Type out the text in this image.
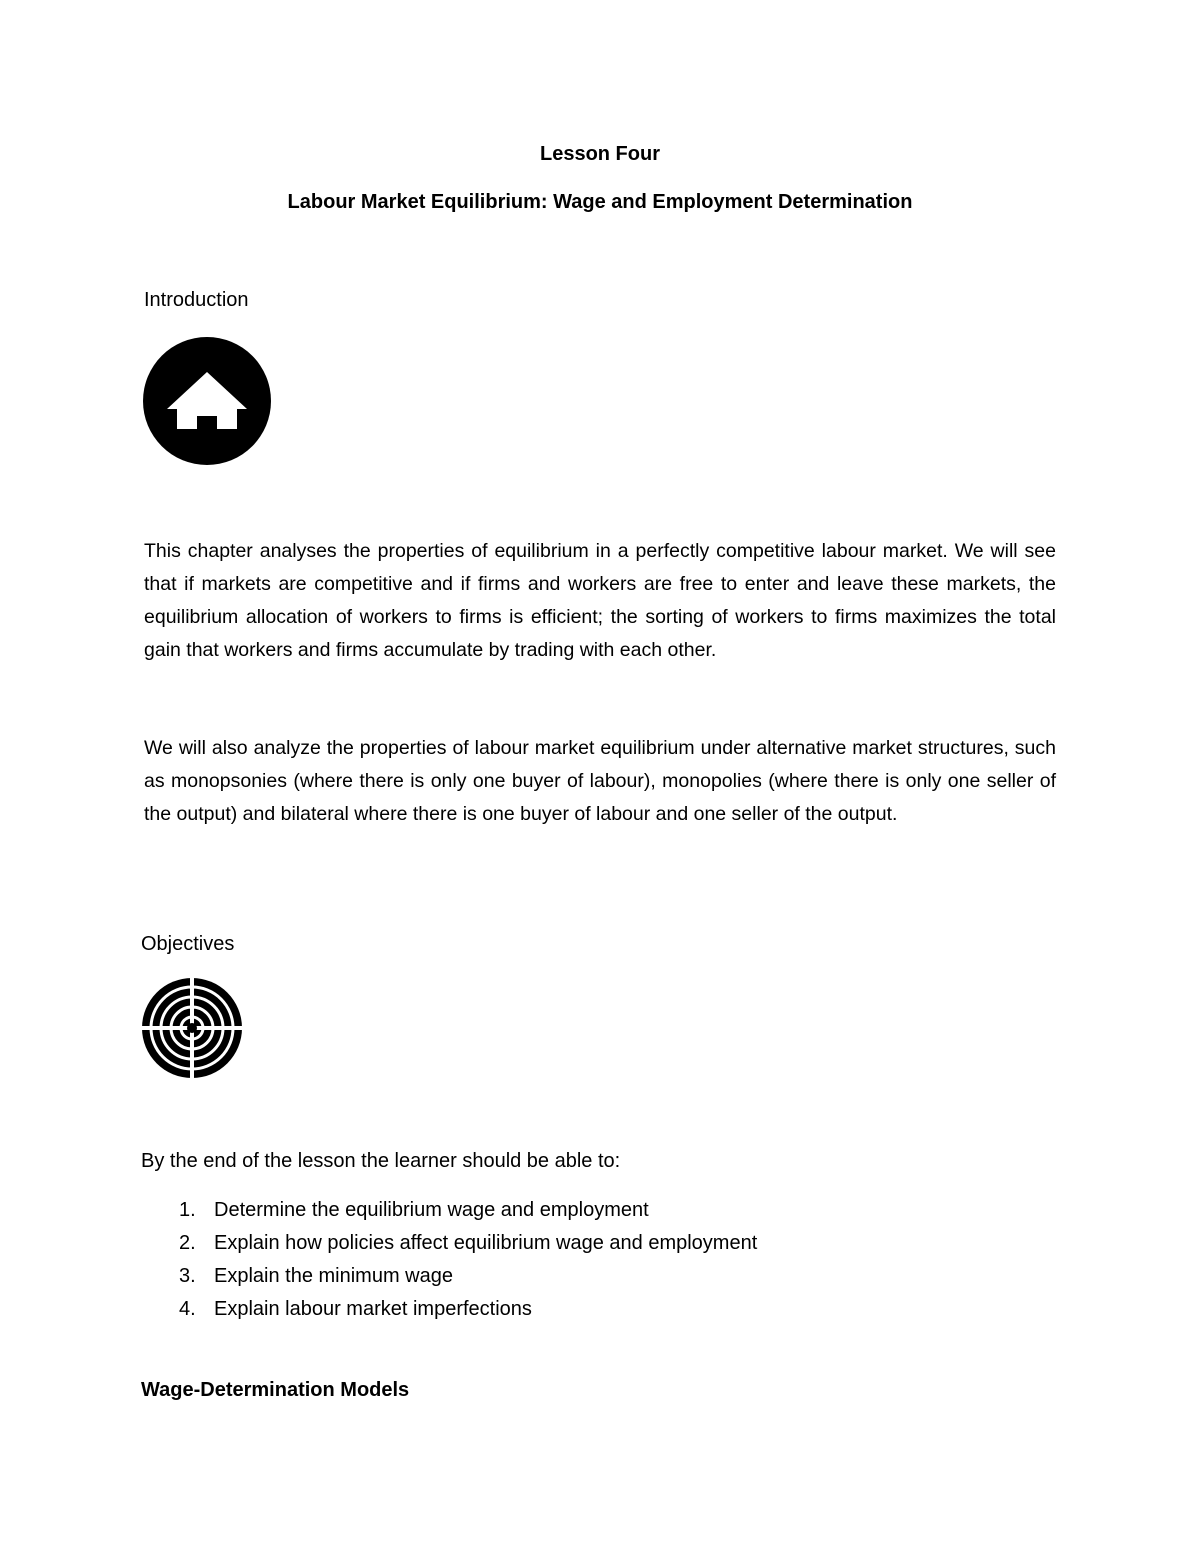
Lesson Four

Labour Market Equilibrium: Wage and Employment Determination

Introduction

This chapter analyses the properties of equilibrium in a perfectly competitive labour market. We will see that if markets are competitive and if firms and workers are free to enter and leave these markets, the equilibrium allocation of workers to firms is efficient; the sorting of workers to firms maximizes the total gain that workers and firms accumulate by trading with each other.

We will also analyze the properties of labour market equilibrium under alternative market structures, such as monopsonies (where there is only one buyer of labour), monopolies (where there is only one seller of the output) and bilateral where there is one buyer of labour and one seller of the output.

Objectives

By the end of the lesson the learner should be able to:

1. Determine the equilibrium wage and employment
2. Explain how policies affect equilibrium wage and employment
3. Explain the minimum wage
4. Explain labour market imperfections

Wage-Determination Models
